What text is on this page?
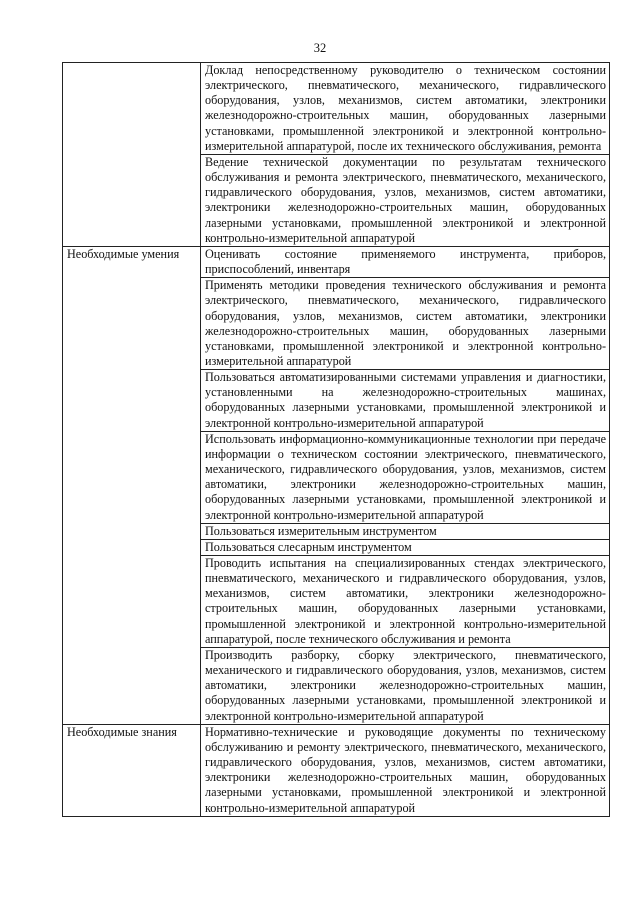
32
	Доклад непосредственному руководителю о техническом состоянии электрического, пневматического, механического, гидравлического оборудования, узлов, механизмов, систем автоматики, электроники железнодорожно-строительных машин, оборудованных лазерными установками, промышленной электроникой и электронной контрольно-измерительной аппаратурой, после их технического обслуживания, ремонта
	Ведение технической документации по результатам технического обслуживания и ремонта электрического, пневматического, механического, гидравлического оборудования, узлов, механизмов, систем автоматики, электроники железнодорожно-строительных машин, оборудованных лазерными установками, промышленной электроникой и электронной контрольно-измерительной аппаратурой
Необходимые умения	Оценивать состояние применяемого инструмента, приборов, приспособлений, инвентаря
	Применять методики проведения технического обслуживания и ремонта электрического, пневматического, механического, гидравлического оборудования, узлов, механизмов, систем автоматики, электроники железнодорожно-строительных машин, оборудованных лазерными установками, промышленной электроникой и электронной контрольно-измерительной аппаратурой
	Пользоваться автоматизированными системами управления и диагностики, установленными на железнодорожно-строительных машинах, оборудованных лазерными установками, промышленной электроникой и электронной контрольно-измерительной аппаратурой
	Использовать информационно-коммуникационные технологии при передаче информации о техническом состоянии электрического, пневматического, механического, гидравлического оборудования, узлов, механизмов, систем автоматики, электроники железнодорожно-строительных машин, оборудованных лазерными установками, промышленной электроникой и электронной контрольно-измерительной аппаратурой
	Пользоваться измерительным инструментом
	Пользоваться слесарным инструментом
	Проводить испытания на специализированных стендах электрического, пневматического, механического и гидравлического оборудования, узлов, механизмов, систем автоматики, электроники железнодорожно-строительных машин, оборудованных лазерными установками, промышленной электроникой и электронной контрольно-измерительной аппаратурой, после технического обслуживания и ремонта
	Производить разборку, сборку электрического, пневматического, механического и гидравлического оборудования, узлов, механизмов, систем автоматики, электроники железнодорожно-строительных машин, оборудованных лазерными установками, промышленной электроникой и электронной контрольно-измерительной аппаратурой
Необходимые знания	Нормативно-технические и руководящие документы по техническому обслуживанию и ремонту электрического, пневматического, механического, гидравлического оборудования, узлов, механизмов, систем автоматики, электроники железнодорожно-строительных машин, оборудованных лазерными установками, промышленной электроникой и электронной контрольно-измерительной аппаратурой
